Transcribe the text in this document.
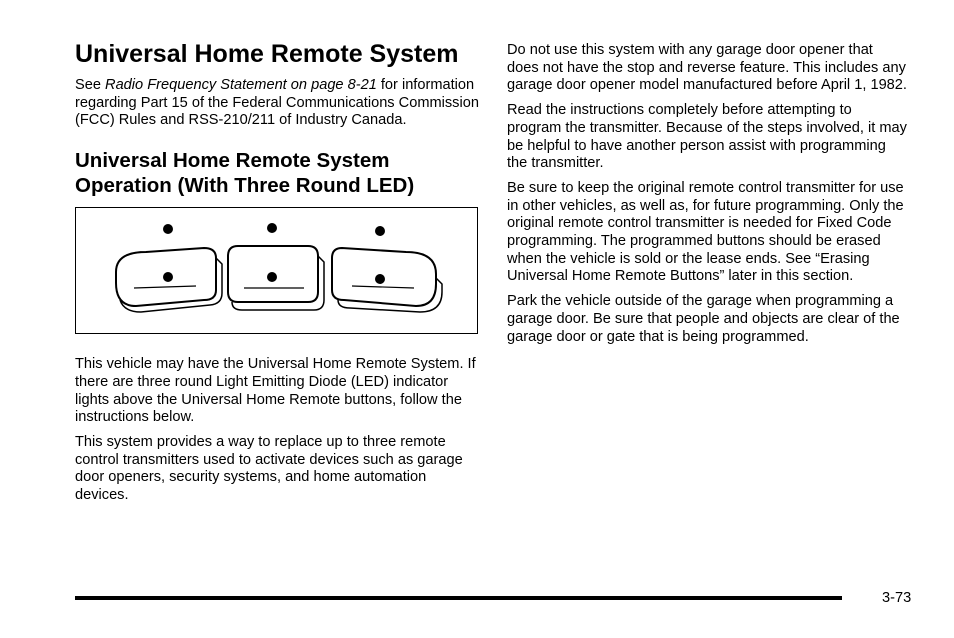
Universal Home Remote System

See Radio Frequency Statement on page 8-21 for information regarding Part 15 of the Federal Communications Commission (FCC) Rules and RSS-210/211 of Industry Canada.

Universal Home Remote System Operation (With Three Round LED)

This vehicle may have the Universal Home Remote System. If there are three round Light Emitting Diode (LED) indicator lights above the Universal Home Remote buttons, follow the instructions below.

This system provides a way to replace up to three remote control transmitters used to activate devices such as garage door openers, security systems, and home automation devices.

Do not use this system with any garage door opener that does not have the stop and reverse feature. This includes any garage door opener model manufactured before April 1, 1982.

Read the instructions completely before attempting to program the transmitter. Because of the steps involved, it may be helpful to have another person assist with programming the transmitter.

Be sure to keep the original remote control transmitter for use in other vehicles, as well as, for future programming. Only the original remote control transmitter is needed for Fixed Code programming. The programmed buttons should be erased when the vehicle is sold or the lease ends. See “Erasing Universal Home Remote Buttons” later in this section.

Park the vehicle outside of the garage when programming a garage door. Be sure that people and objects are clear of the garage door or gate that is being programmed.

3-73
